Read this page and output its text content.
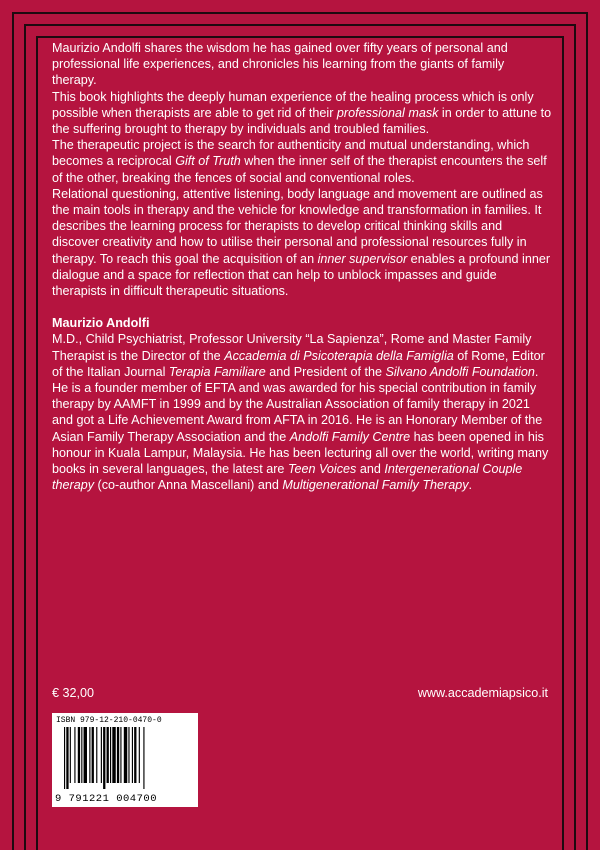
Maurizio Andolfi shares the wisdom he has gained over fifty years of personal and professional life experiences, and chronicles his learning from the giants of family therapy.

This book highlights the deeply human experience of the healing process which is only possible when therapists are able to get rid of their professional mask in order to attune to the suffering brought to therapy by individuals and troubled families.

The therapeutic project is the search for authenticity and mutual understanding, which becomes a reciprocal Gift of Truth when the inner self of the therapist encounters the self of the other, breaking the fences of social and conventional roles.

Relational questioning, attentive listening, body language and movement are outlined as the main tools in therapy and the vehicle for knowledge and transformation in families. It describes the learning process for therapists to develop critical thinking skills and discover creativity and how to utilise their personal and professional resources fully in therapy. To reach this goal the acquisition of an inner supervisor enables a profound inner dialogue and a space for reflection that can help to unblock impasses and guide therapists in difficult therapeutic situations.

Maurizio Andolfi

M.D., Child Psychiatrist, Professor University “La Sapienza”, Rome and Master Family Therapist is the Director of the Accademia di Psicoterapia della Famiglia of Rome, Editor of the Italian Journal Terapia Familiare and President of the Silvano Andolfi Foundation. He is a founder member of EFTA and was awarded for his special contribution in family therapy by AAMFT in 1999 and by the Australian Association of family therapy in 2021 and got a Life Achievement Award from AFTA in 2016. He is an Honorary Member of the Asian Family Therapy Association and the Andolfi Family Centre has been opened in his honour in Kuala Lampur, Malaysia. He has been lecturing all over the world, writing many books in several languages, the latest are Teen Voices and Intergenerational Couple therapy (co-author Anna Mascellani) and Multigenerational Family Therapy.

€ 32,00	www.accademiapsico.it
ISBN 979-12-210-0470-0
9 791221 004700
